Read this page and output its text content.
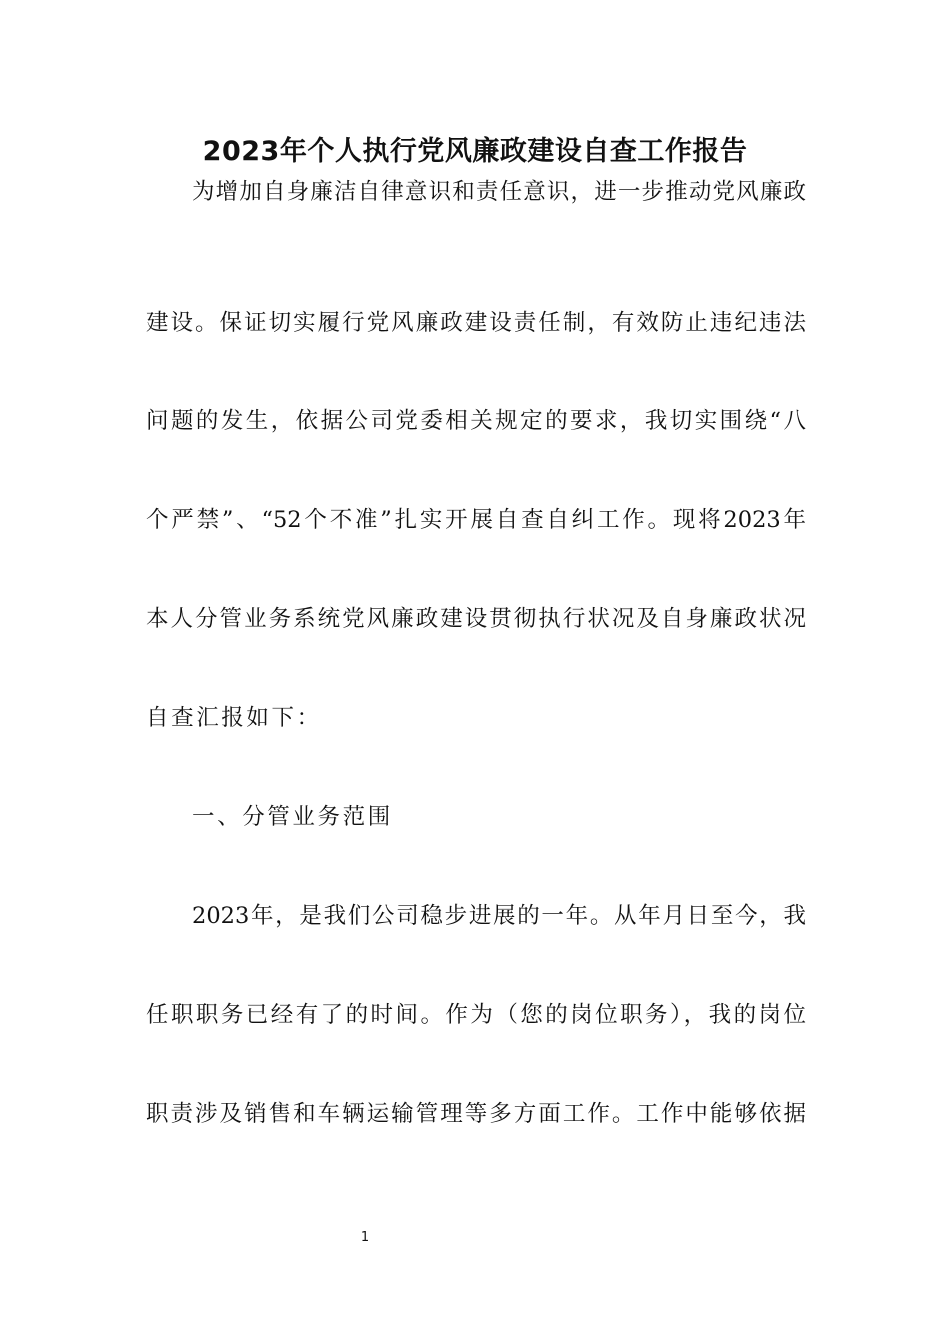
2023年个人执行党风廉政建设自查工作报告
为增加自身廉洁自律意识和责任意识，进一步推动党风廉政
建设。保证切实履行党风廉政建设责任制，有效防止违纪违法
问题的发生，依据公司党委相关规定的要求，我切实围绕“八
个严禁”、“52个不准”扎实开展自查自纠工作。现将2023年
本人分管业务系统党风廉政建设贯彻执行状况及自身廉政状况
自查汇报如下：
一、分管业务范围
2023年，是我们公司稳步进展的一年。从年月日至今，我
任职职务已经有了的时间。作为（您的岗位职务），我的岗位
职责涉及销售和车辆运输管理等多方面工作。工作中能够依据
1
